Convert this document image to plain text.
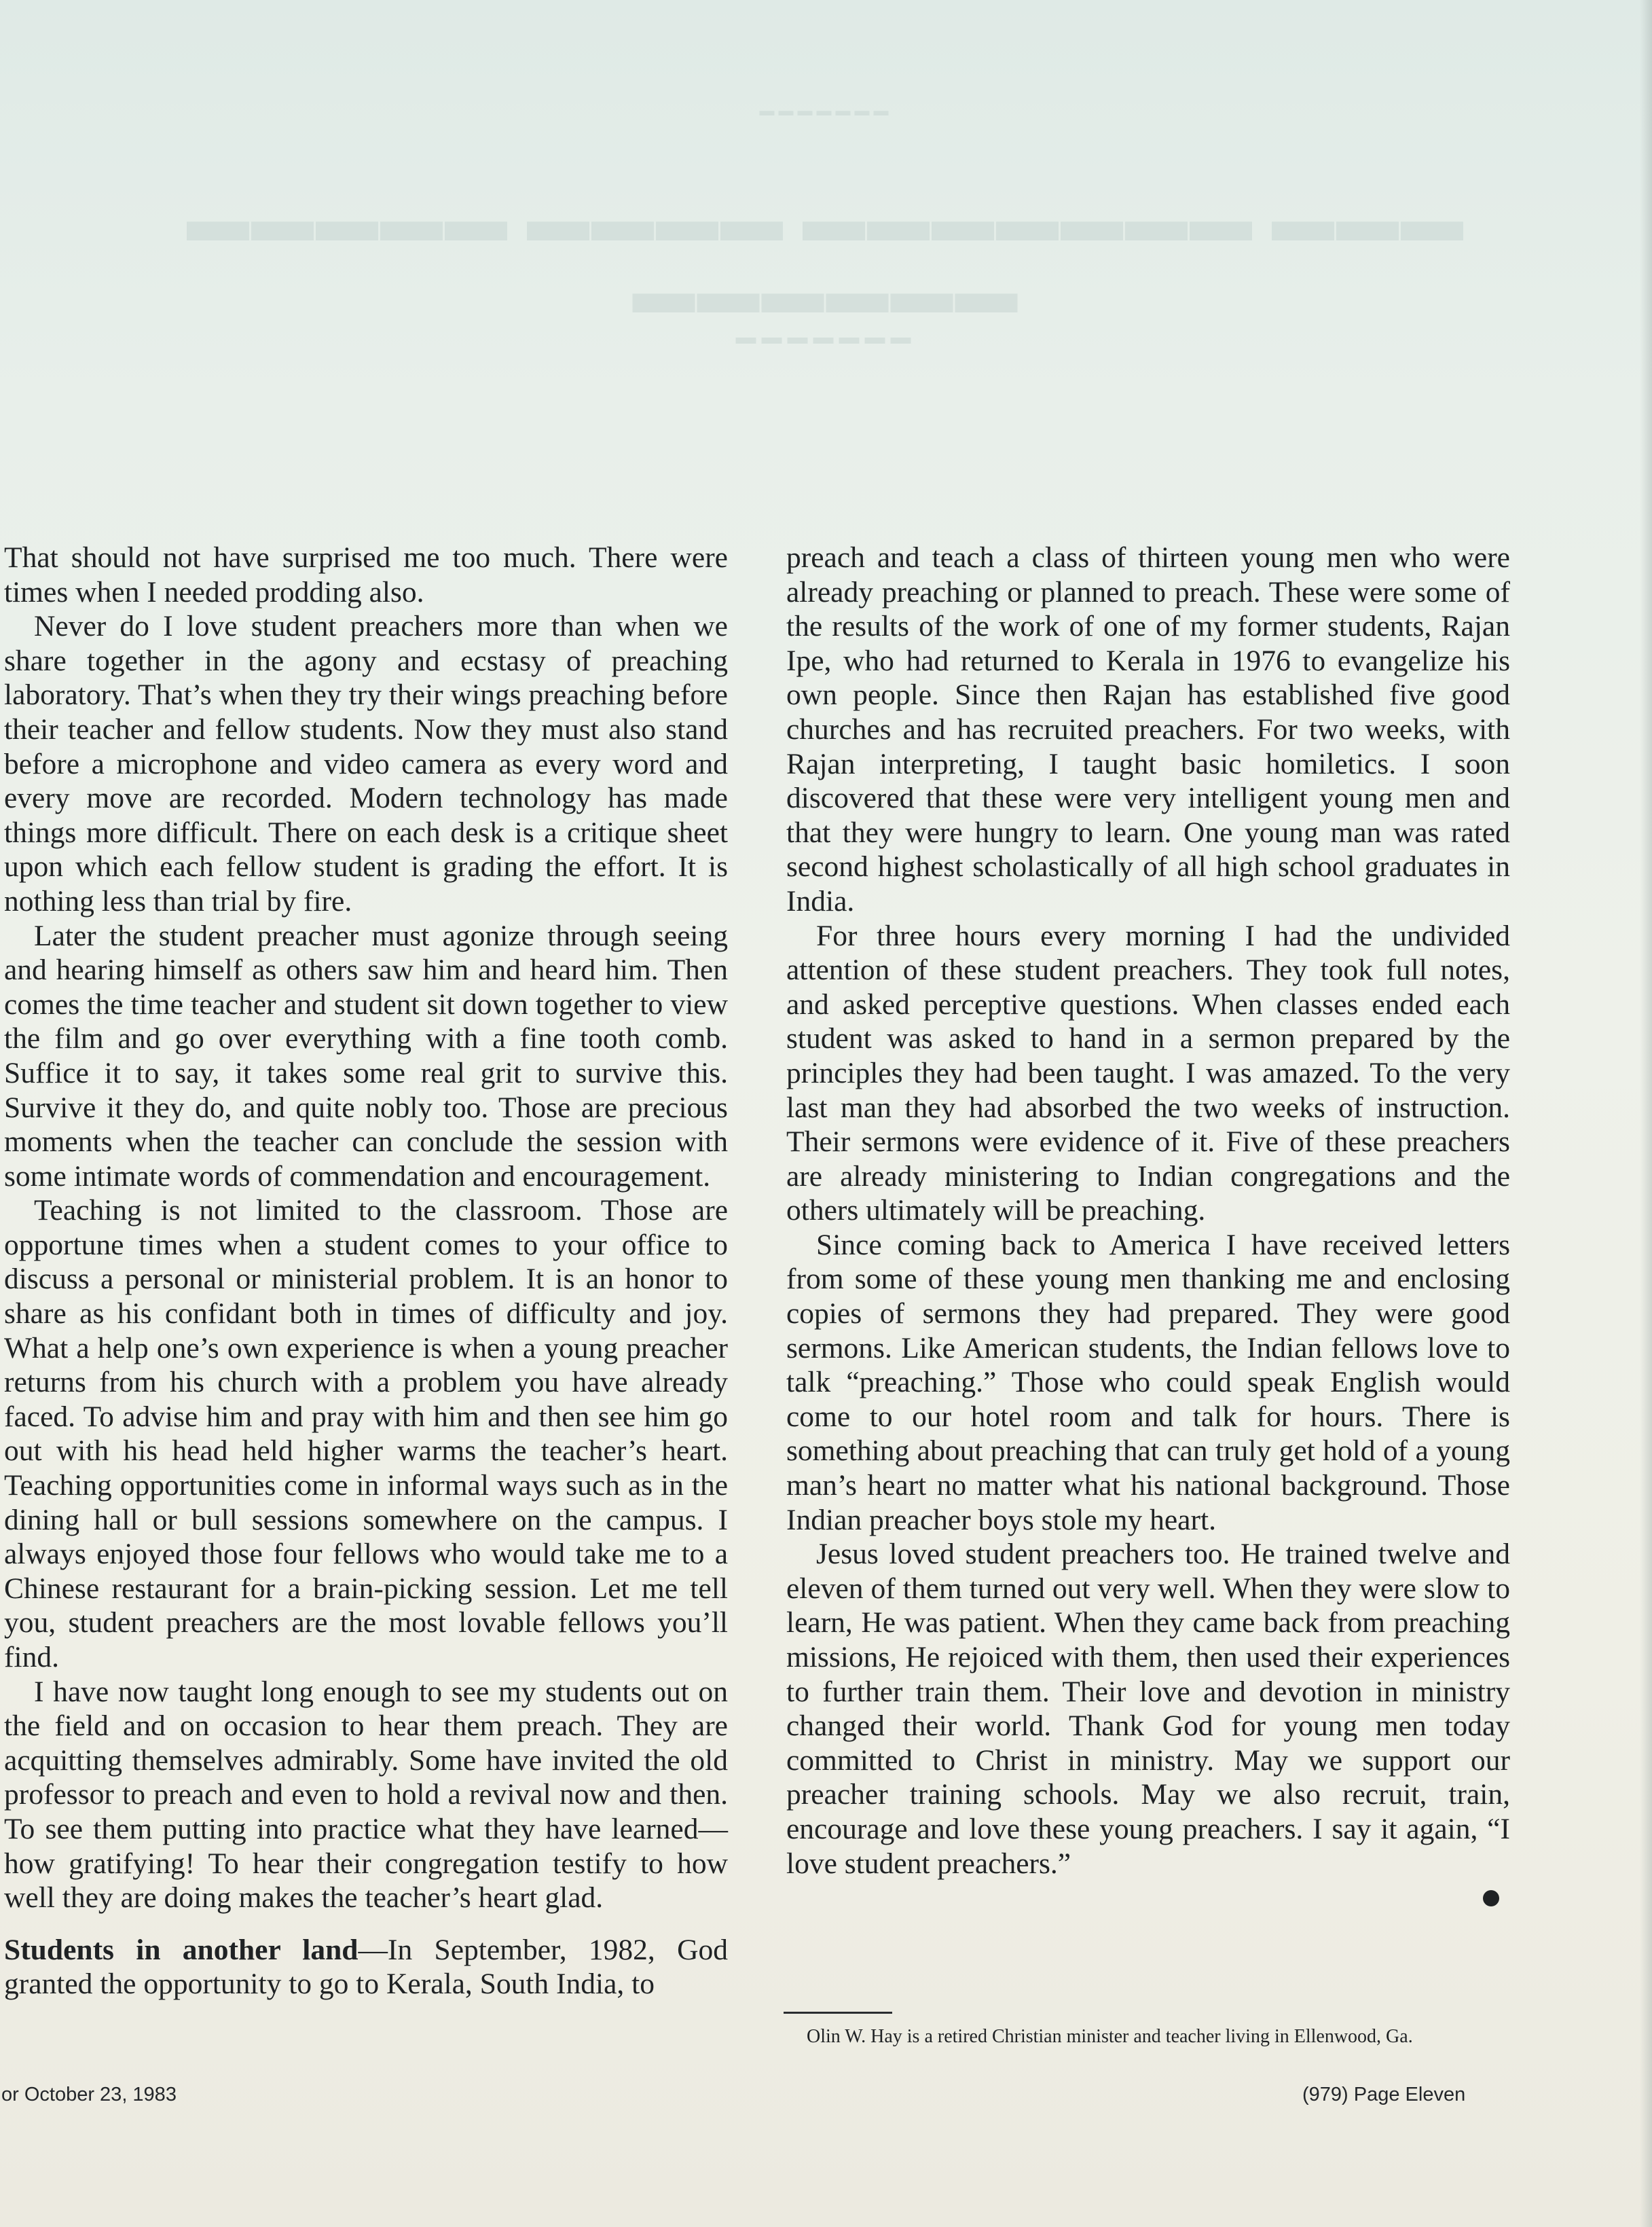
▬▬▬▬▬▬▬
▬▬▬▬▬ ▬▬▬▬ ▬▬▬▬▬▬▬ ▬▬▬ ▬▬▬▬▬▬
▬▬▬▬▬▬▬

That should not have surprised me too much. There were times when I needed prodding also.

Never do I love student preachers more than when we share together in the agony and ecstasy of preaching laboratory. That’s when they try their wings preaching before their teacher and fellow students. Now they must also stand before a microphone and video camera as every word and every move are recorded. Modern technology has made things more difficult. There on each desk is a critique sheet upon which each fellow student is grading the effort. It is nothing less than trial by fire.

Later the student preacher must agonize through seeing and hearing himself as others saw him and heard him. Then comes the time teacher and student sit down together to view the film and go over everything with a fine tooth comb. Suffice it to say, it takes some real grit to survive this. Survive it they do, and quite nobly too. Those are precious moments when the teacher can conclude the session with some intimate words of commendation and encouragement.

Teaching is not limited to the classroom. Those are opportune times when a student comes to your office to discuss a personal or ministerial problem. It is an honor to share as his confidant both in times of difficulty and joy. What a help one’s own experience is when a young preacher returns from his church with a problem you have already faced. To advise him and pray with him and then see him go out with his head held higher warms the teacher’s heart. Teaching opportunities come in informal ways such as in the dining hall or bull sessions somewhere on the campus. I always enjoyed those four fellows who would take me to a Chinese restaurant for a brain-picking session. Let me tell you, student preachers are the most lovable fellows you’ll find.

I have now taught long enough to see my students out on the field and on occasion to hear them preach. They are acquitting themselves admirably. Some have invited the old professor to preach and even to hold a revival now and then. To see them putting into practice what they have learned—how gratifying! To hear their congregation testify to how well they are doing makes the teacher’s heart glad.

Students in another land—In September, 1982, God granted the opportunity to go to Kerala, South India, to

preach and teach a class of thirteen young men who were already preaching or planned to preach. These were some of the results of the work of one of my former students, Rajan Ipe, who had returned to Kerala in 1976 to evangelize his own people. Since then Rajan has established five good churches and has recruited preachers. For two weeks, with Rajan interpreting, I taught basic homiletics. I soon discovered that these were very intelligent young men and that they were hungry to learn. One young man was rated second highest scholastically of all high school graduates in India.

For three hours every morning I had the undivided attention of these student preachers. They took full notes, and asked perceptive questions. When classes ended each student was asked to hand in a sermon prepared by the principles they had been taught. I was amazed. To the very last man they had absorbed the two weeks of instruction. Their sermons were evidence of it. Five of these preachers are already ministering to Indian congregations and the others ultimately will be preaching.

Since coming back to America I have received letters from some of these young men thanking me and enclosing copies of sermons they had prepared. They were good sermons. Like American students, the Indian fellows love to talk “preaching.” Those who could speak English would come to our hotel room and talk for hours. There is something about preaching that can truly get hold of a young man’s heart no matter what his national background. Those Indian preacher boys stole my heart.

Jesus loved student preachers too. He trained twelve and eleven of them turned out very well. When they were slow to learn, He was patient. When they came back from preaching missions, He rejoiced with them, then used their experiences to further train them. Their love and devotion in ministry changed their world. Thank God for young men today committed to Christ in ministry. May we support our preacher training schools. May we also recruit, train, encourage and love these young preachers. I say it again, “I love student preachers.”

Olin W. Hay is a retired Christian minister and teacher living in Ellenwood, Ga.
or October 23, 1983	(979) Page Eleven
